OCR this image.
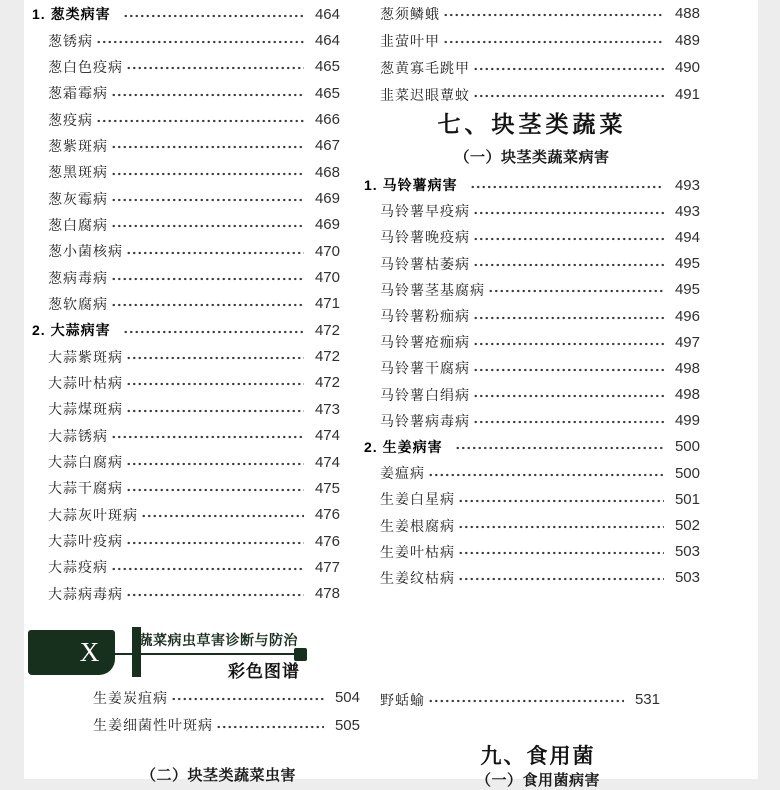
1. 葱类病害	464
葱锈病	464
葱白色疫病	465
葱霜霉病	465
葱疫病	466
葱紫斑病	467
葱黑斑病	468
葱灰霉病	469
葱白腐病	469
葱小菌核病	470
葱病毒病	470
葱软腐病	471
2. 大蒜病害	472
大蒜紫斑病	472
大蒜叶枯病	472
大蒜煤斑病	473
大蒜锈病	474
大蒜白腐病	474
大蒜干腐病	475
大蒜灰叶斑病	476
大蒜叶疫病	476
大蒜疫病	477
大蒜病毒病	478
葱须鳞蛾	488
韭萤叶甲	489
葱黄寡毛跳甲	490
韭菜迟眼蕈蚊	491
七、块茎类蔬菜
（一）块茎类蔬菜病害
1. 马铃薯病害	493
马铃薯早疫病	493
马铃薯晚疫病	494
马铃薯枯萎病	495
马铃薯茎基腐病	495
马铃薯粉痂病	496
马铃薯疮痂病	497
马铃薯干腐病	498
马铃薯白绢病	498
马铃薯病毒病	499
2. 生姜病害	500
姜瘟病	500
生姜白星病	501
生姜根腐病	502
生姜叶枯病	503
生姜纹枯病	503
X	蔬菜病虫草害诊断与防治
彩色图谱
生姜炭疽病	504
生姜细菌性叶斑病	505
（二）块茎类蔬菜虫害
野蛞蝓	531
九、食用菌
（一）食用菌病害
